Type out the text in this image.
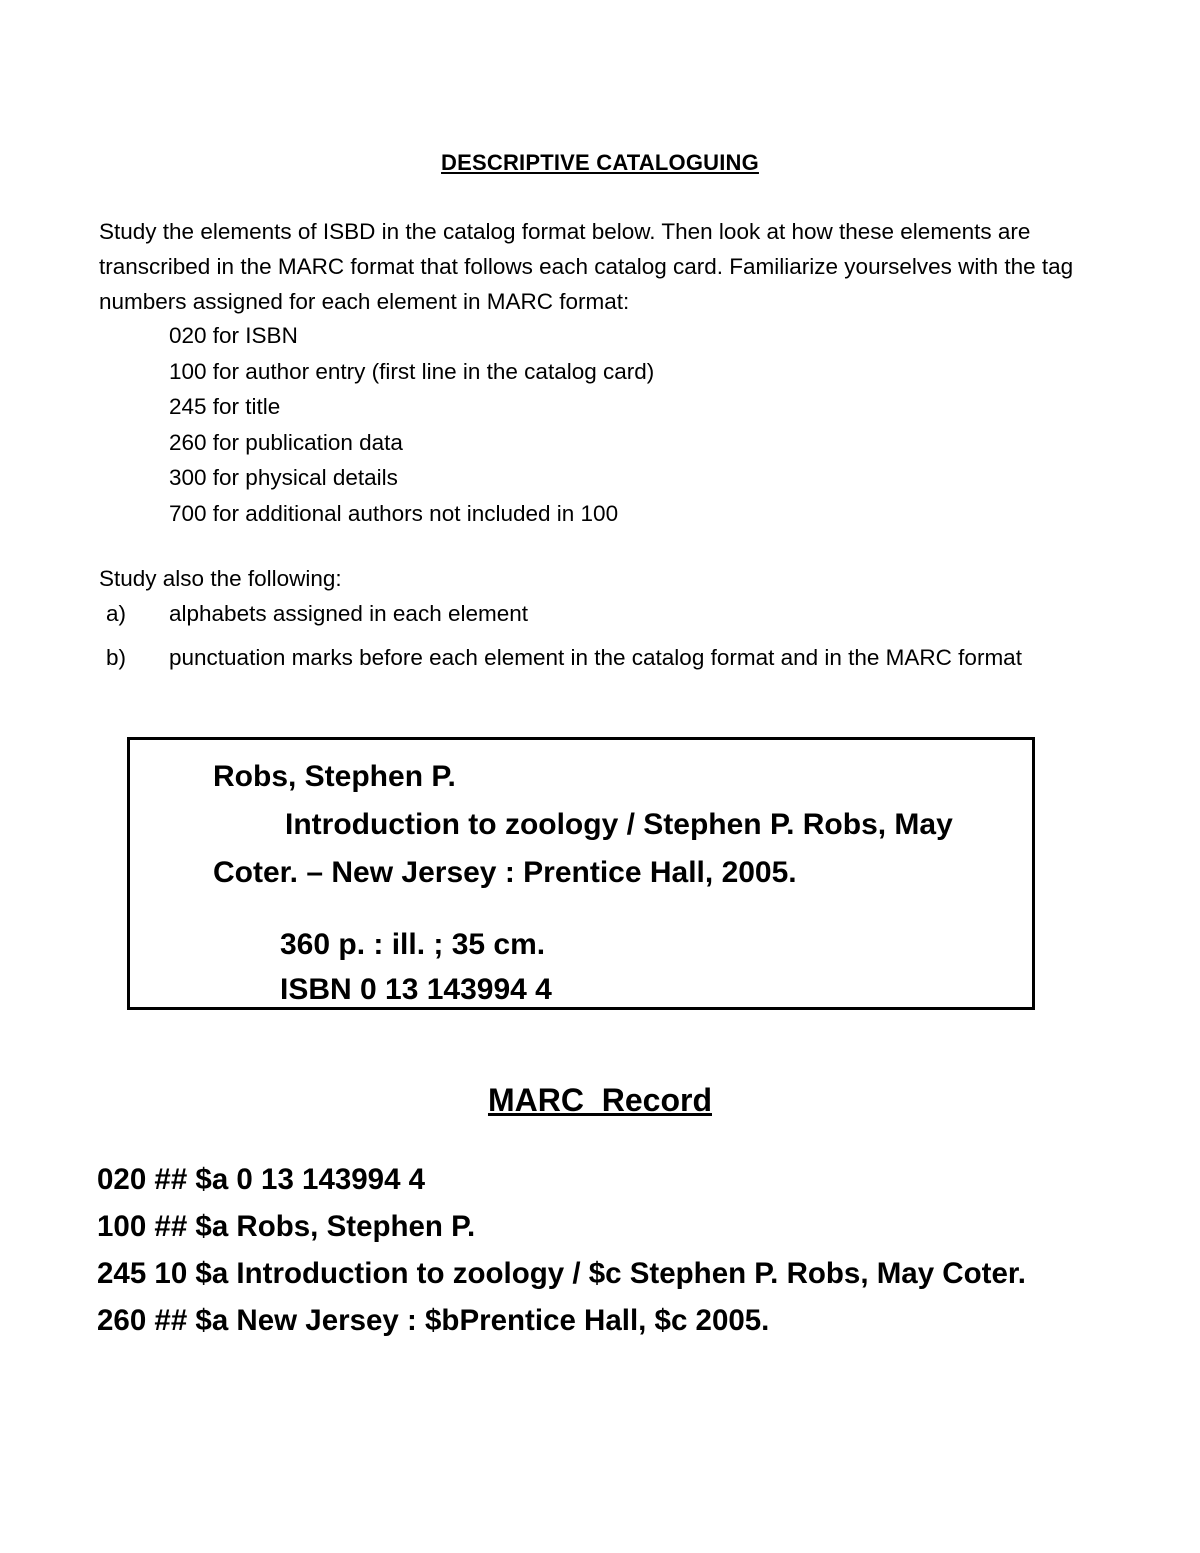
DESCRIPTIVE CATALOGUING

Study the elements of ISBD in the catalog format below. Then look at how these elements are transcribed in the MARC format that follows each catalog card. Familiarize yourselves with the tag numbers assigned for each element in MARC format:

020 for ISBN
100 for author entry (first line in the catalog card)
245 for title
260 for publication data
300 for physical details
700 for additional authors not included in 100
Study also the following:
a) alphabets assigned in each element
b) punctuation marks before each element in the catalog format and in the MARC format
Robs, Stephen P.
Introduction to zoology / Stephen P. Robs, May
Coter. – New Jersey : Prentice Hall, 2005.
360 p. : ill. ; 35 cm.
ISBN 0 13 143994 4
MARC  Record
020 ## $a 0 13 143994 4
100 ## $a Robs, Stephen P.
245 10 $a Introduction to zoology / $c Stephen P. Robs, May Coter.
260 ## $a New Jersey : $bPrentice Hall, $c 2005.
